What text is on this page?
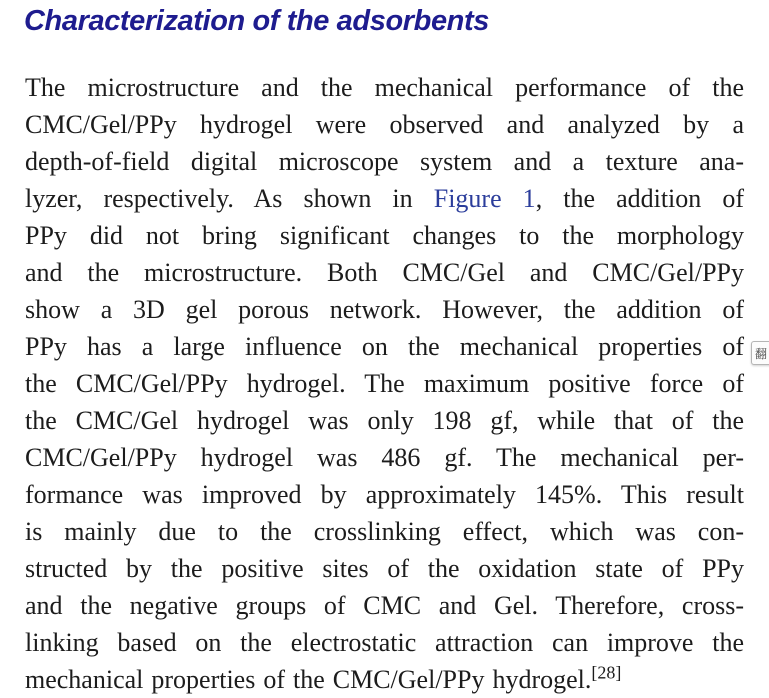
Characterization of the adsorbents
The microstructure and the mechanical performance of the
CMC/Gel/PPy hydrogel were observed and analyzed by a
depth-of-field digital microscope system and a texture ana-
lyzer, respectively. As shown in Figure 1, the addition of
PPy did not bring significant changes to the morphology
and the microstructure. Both CMC/Gel and CMC/Gel/PPy
show a 3D gel porous network. However, the addition of
PPy has a large influence on the mechanical properties of
the CMC/Gel/PPy hydrogel. The maximum positive force of
the CMC/Gel hydrogel was only 198 gf, while that of the
CMC/Gel/PPy hydrogel was 486 gf. The mechanical per-
formance was improved by approximately 145%. This result
is mainly due to the crosslinking effect, which was con-
structed by the positive sites of the oxidation state of PPy
and the negative groups of CMC and Gel. Therefore, cross-
linking based on the electrostatic attraction can improve the
mechanical properties of the CMC/Gel/PPy hydrogel.[28]
翻
